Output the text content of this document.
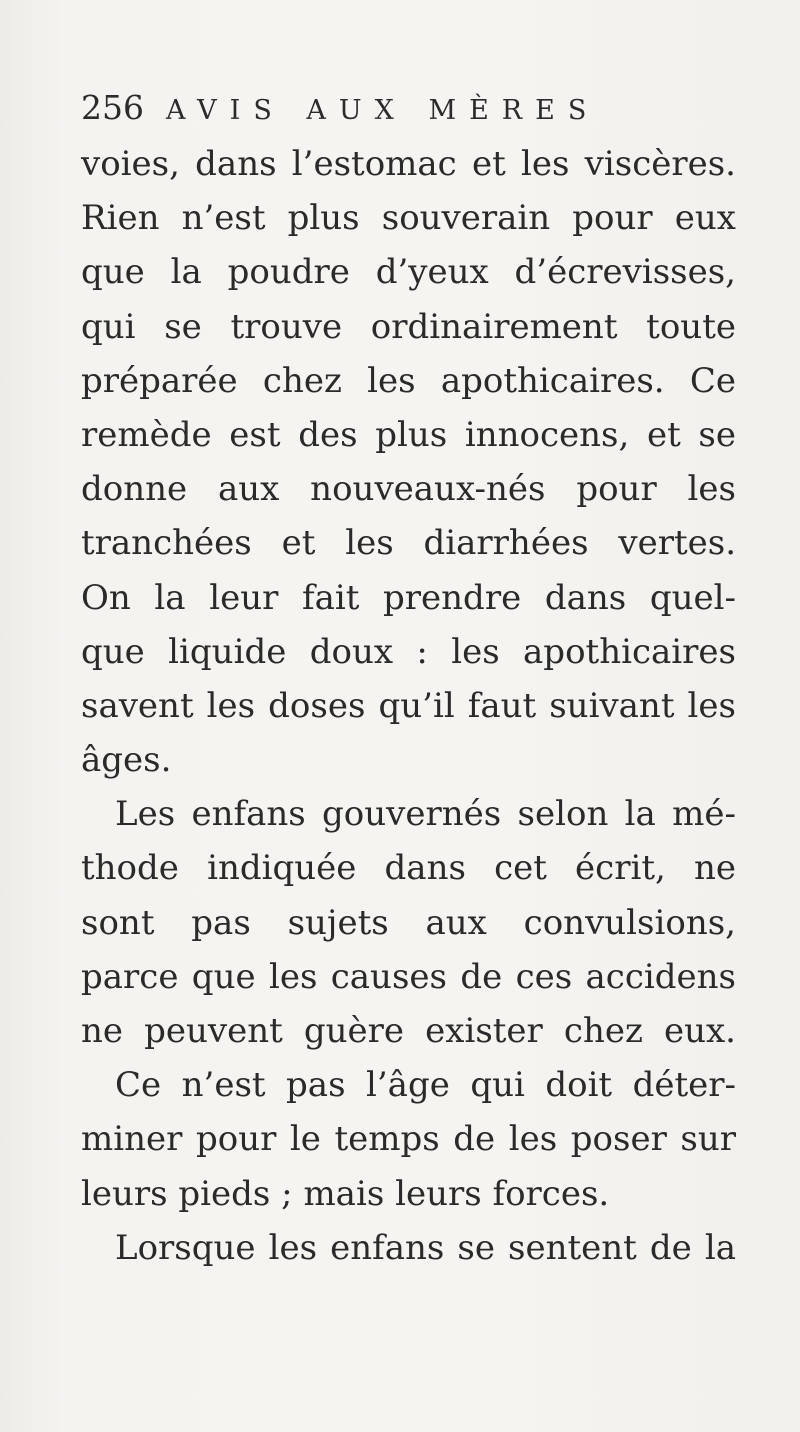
256 AVIS AUX MÈRES
voies, dans l’estomac et les viscères.
Rien n’est plus souverain pour eux
que la poudre d’yeux d’écrevisses,
qui se trouve ordinairement toute
préparée chez les apothicaires. Ce
remède est des plus innocens, et se
donne aux nouveaux-nés pour les
tranchées et les diarrhées vertes.
On la leur fait prendre dans quel-
que liquide doux : les apothicaires
savent les doses qu’il faut suivant les
âges.
Les enfans gouvernés selon la mé-
thode indiquée dans cet écrit, ne
sont pas sujets aux convulsions,
parce que les causes de ces accidens
ne peuvent guère exister chez eux.
Ce n’est pas l’âge qui doit déter-
miner pour le temps de les poser sur
leurs pieds ; mais leurs forces.
Lorsque les enfans se sentent de la
